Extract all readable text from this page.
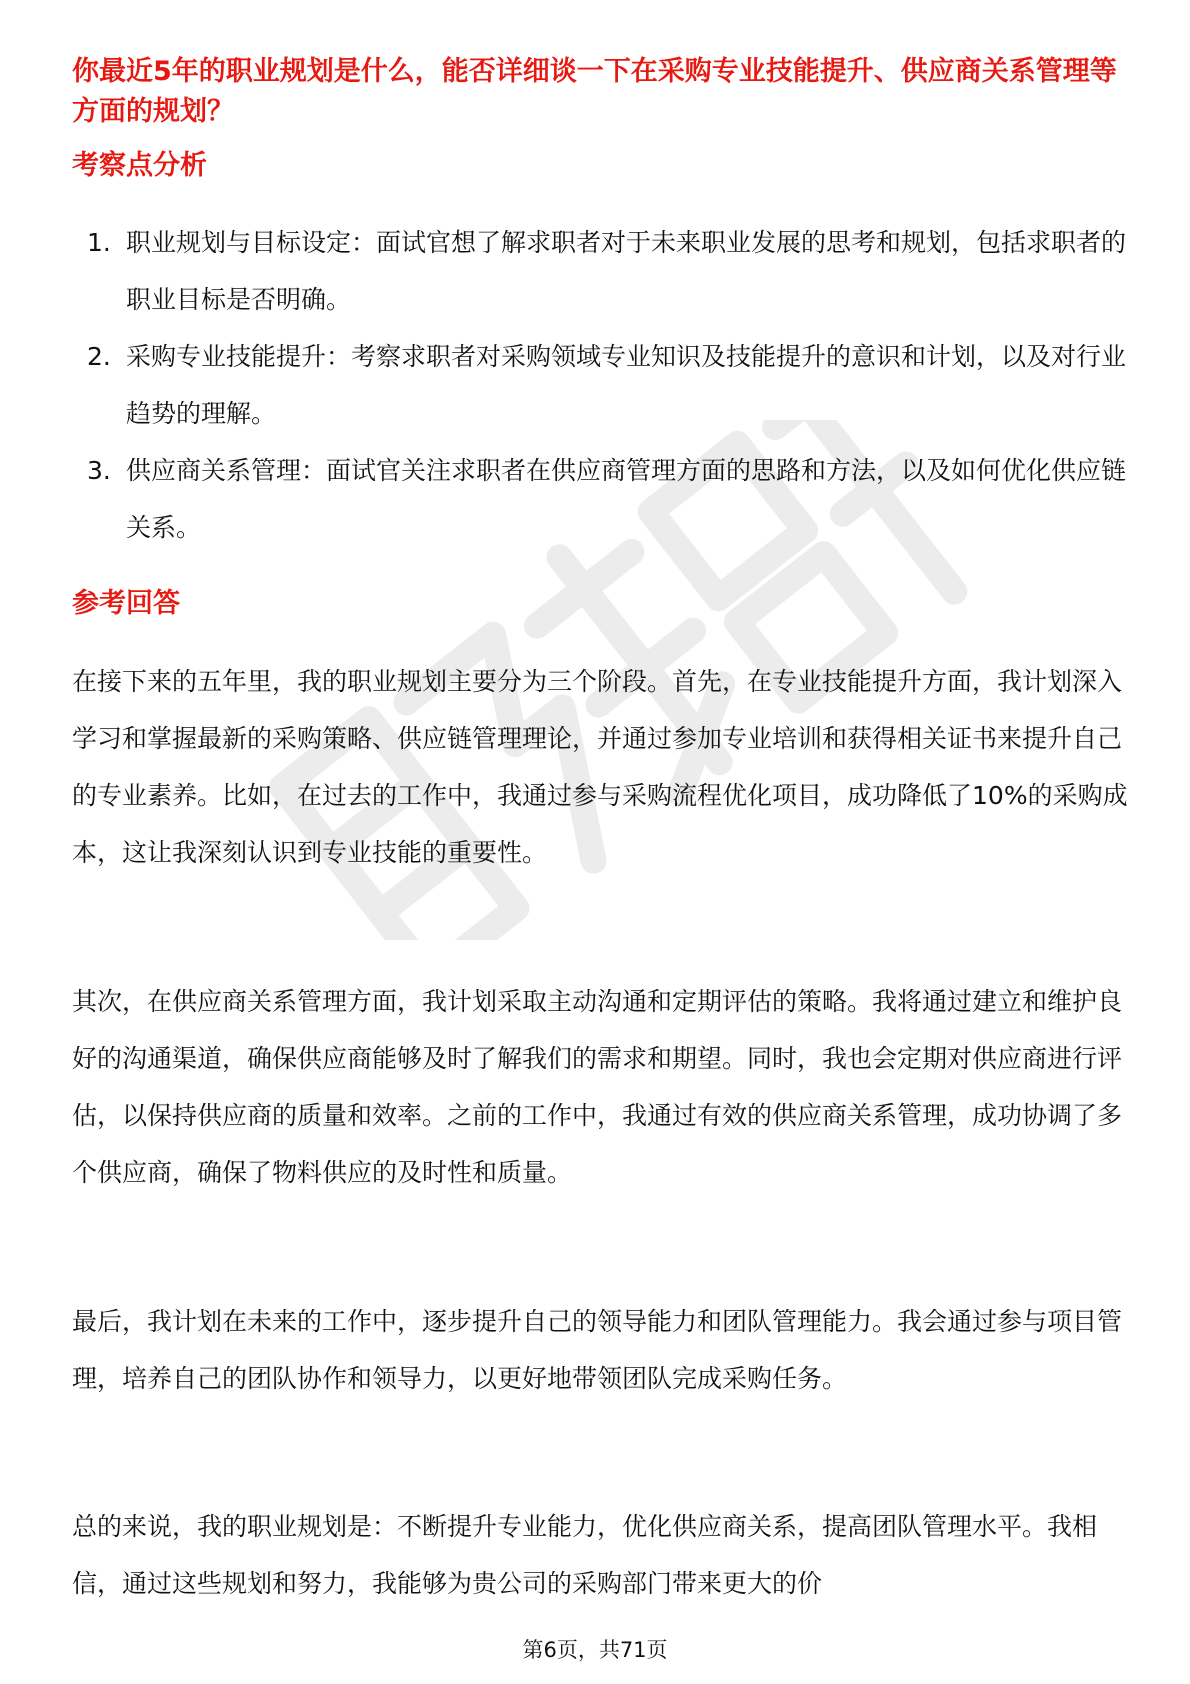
你最近5年的职业规划是什么，能否详细谈一下在采购专业技能提升、供应商关系管理等方面的规划？
考察点分析
1. 职业规划与目标设定：面试官想了解求职者对于未来职业发展的思考和规划，包括求职者的职业目标是否明确。
2. 采购专业技能提升：考察求职者对采购领域专业知识及技能提升的意识和计划，以及对行业趋势的理解。
3. 供应商关系管理：面试官关注求职者在供应商管理方面的思路和方法，以及如何优化供应链关系。
参考回答

在接下来的五年里，我的职业规划主要分为三个阶段。首先，在专业技能提升方面，我计划深入学习和掌握最新的采购策略、供应链管理理论，并通过参加专业培训和获得相关证书来提升自己的专业素养。比如，在过去的工作中，我通过参与采购流程优化项目，成功降低了10%的采购成本，这让我深刻认识到专业技能的重要性。

其次，在供应商关系管理方面，我计划采取主动沟通和定期评估的策略。我将通过建立和维护良好的沟通渠道，确保供应商能够及时了解我们的需求和期望。同时，我也会定期对供应商进行评估，以保持供应商的质量和效率。之前的工作中，我通过有效的供应商关系管理，成功协调了多个供应商，确保了物料供应的及时性和质量。

最后，我计划在未来的工作中，逐步提升自己的领导能力和团队管理能力。我会通过参与项目管理，培养自己的团队协作和领导力，以更好地带领团队完成采购任务。

总的来说，我的职业规划是：不断提升专业能力，优化供应商关系，提高团队管理水平。我相信，通过这些规划和努力，我能够为贵公司的采购部门带来更大的价

第6页，共71页
